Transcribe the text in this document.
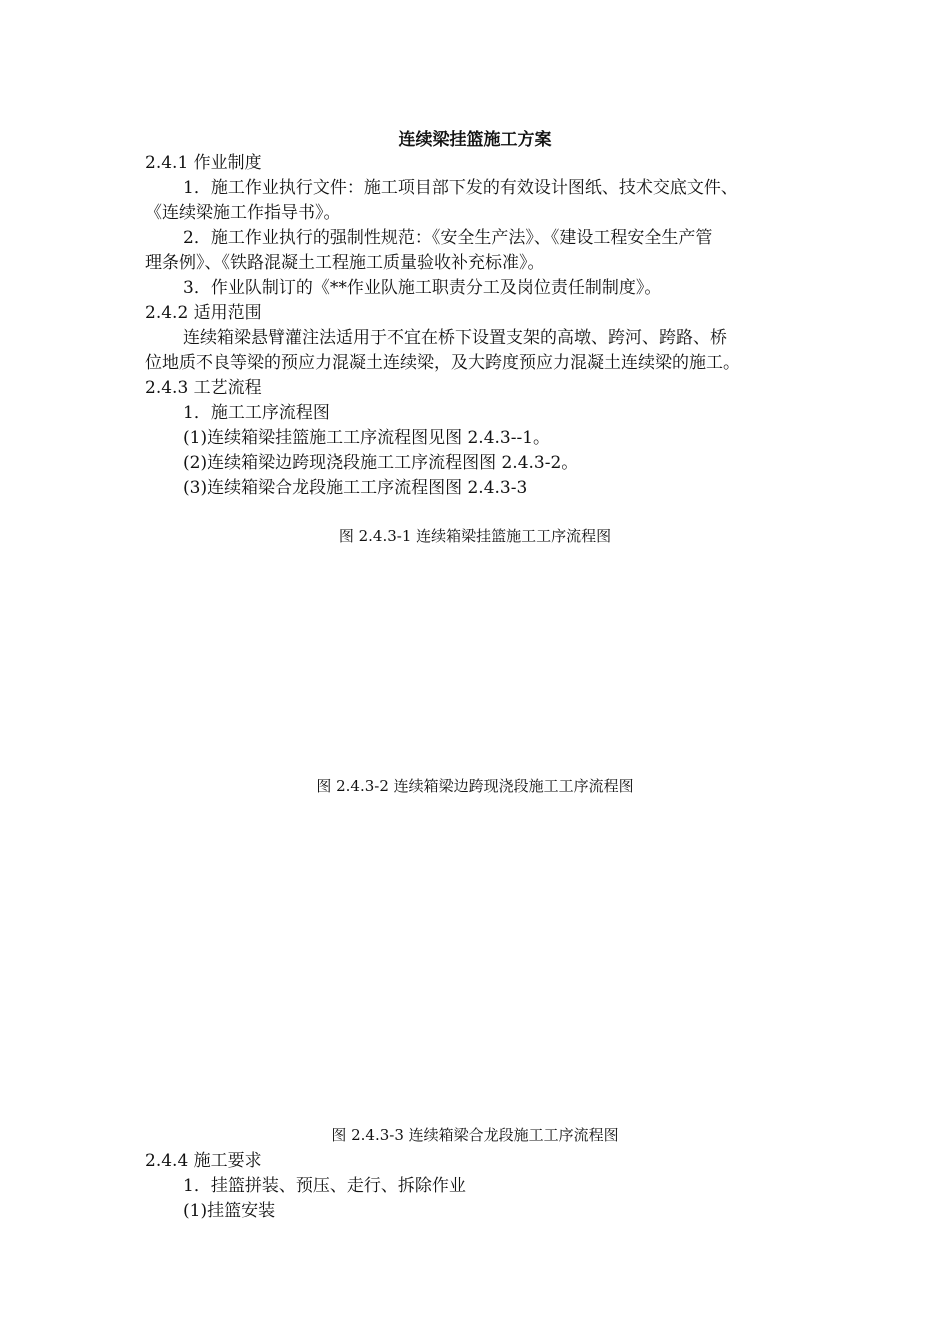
连续梁挂篮施工方案
2.4.1 作业制度
1．施工作业执行文件：施工项目部下发的有效设计图纸、技术交底文件、
《连续梁施工作指导书》。
2．施工作业执行的强制性规范：《安全生产法》、《建设工程安全生产管
理条例》、《铁路混凝土工程施工质量验收补充标准》。
3．作业队制订的《**作业队施工职责分工及岗位责任制制度》。
2.4.2 适用范围
连续箱梁悬臂灌注法适用于不宜在桥下设置支架的高墩、跨河、跨路、桥
位地质不良等梁的预应力混凝土连续梁，及大跨度预应力混凝土连续梁的施工。
2.4.3 工艺流程
1．施工工序流程图
(1)连续箱梁挂篮施工工序流程图见图 2.4.3--1。
(2)连续箱梁边跨现浇段施工工序流程图图 2.4.3-2。
(3)连续箱梁合龙段施工工序流程图图 2.4.3-3
图 2.4.3-1 连续箱梁挂篮施工工序流程图
图 2.4.3-2 连续箱梁边跨现浇段施工工序流程图
图 2.4.3-3 连续箱梁合龙段施工工序流程图
2.4.4 施工要求
1．挂篮拼装、预压、走行、拆除作业
(1)挂篮安装
